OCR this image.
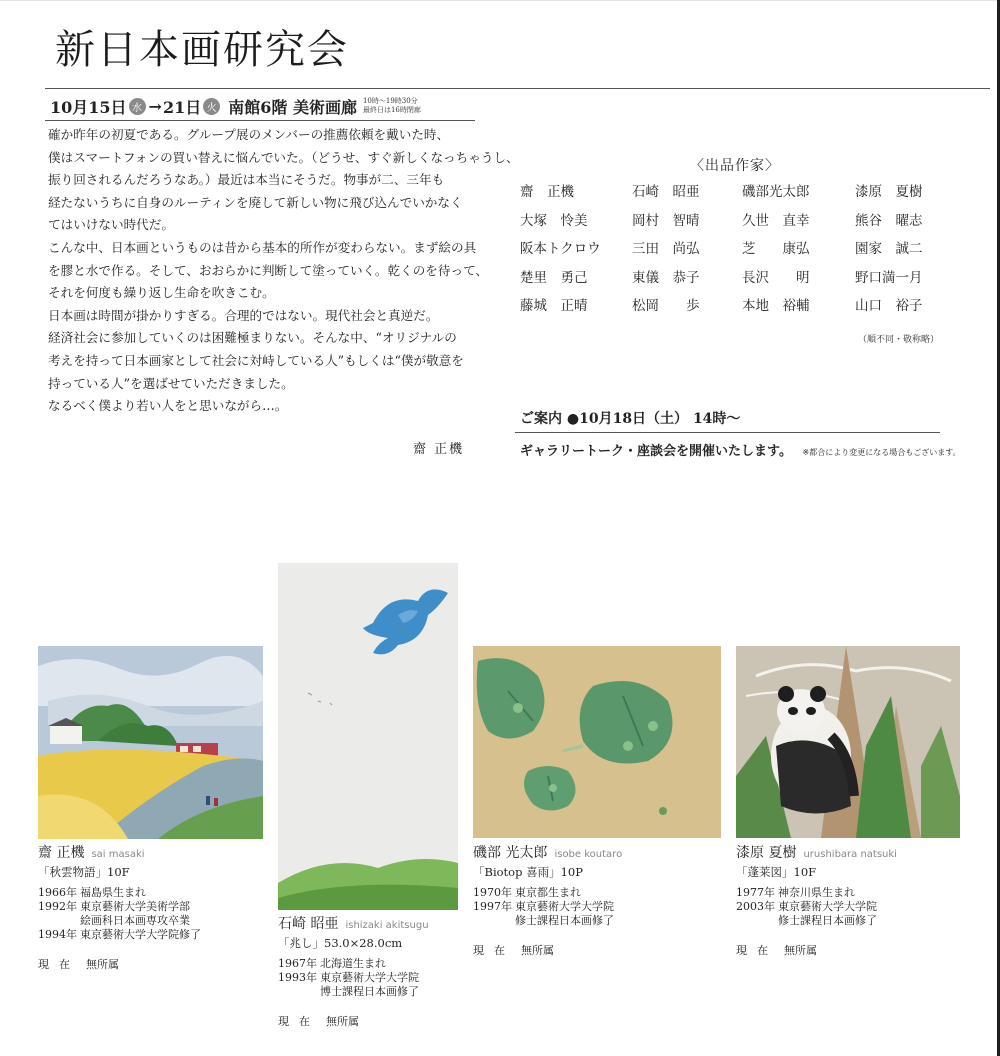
新日本画研究会
10月15日 水 → 21日 火 南館6階 美術画廊 10時～19時30分
最終日は16時閉廊

確か昨年の初夏である。グループ展のメンバーの推薦依頼を戴いた時、

僕はスマートフォンの買い替えに悩んでいた。（どうせ、すぐ新しくなっちゃうし、

振り回されるんだろうなあ。）最近は本当にそうだ。物事が二、三年も

経たないうちに自身のルーティンを廃して新しい物に飛び込んでいかなく

てはいけない時代だ。

こんな中、日本画というものは昔から基本的所作が変わらない。まず絵の具

を膠と水で作る。そして、おおらかに判断して塗っていく。乾くのを待って、

それを何度も繰り返し生命を吹きこむ。

日本画は時間が掛かりすぎる。合理的ではない。現代社会と真逆だ。

経済社会に参加していくのは困難極まりない。そんな中、“オリジナルの

考えを持って日本画家として社会に対峙している人”もしくは“僕が敬意を

持っている人”を選ばせていただきました。

なるべく僕より若い人をと思いながら…。

齋 正機
〈出品作家〉
齋　正機	石崎　昭亜	磯部光太郎	漆原　夏樹
大塚　怜美	岡村　智晴	久世　直幸	熊谷　曜志
阪本トクロウ	三田　尚弘	芝　　康弘	園家　誠二
楚里　勇己	東儀　恭子	長沢　　明	野口満一月
藤城　正晴	松岡　　歩	本地　裕輔	山口　裕子
（順不同・敬称略）
ご案内 ●10月18日（土） 14時～
ギャラリートーク・座談会を開催いたします。 ※都合により変更になる場合もございます。
齋 正機 sai masaki
「秋雲物語」10F
1966年 福島県生まれ
1992年 東京藝術大学美術学部
絵画科日本画専攻卒業
1994年 東京藝術大学大学院修了
現在 無所属
石崎 昭亜 ishizaki akitsugu
「兆し」53.0×28.0cm
1967年 北海道生まれ
1993年 東京藝術大学大学院
博士課程日本画修了
現在 無所属
磯部 光太郎 isobe koutaro
「Biotop 喜雨」10P
1970年 東京都生まれ
1997年 東京藝術大学大学院
修士課程日本画修了
現在 無所属
漆原 夏樹 urushibara natsuki
「蓬莱図」10F
1977年 神奈川県生まれ
2003年 東京藝術大学大学院
修士課程日本画修了
現在 無所属
